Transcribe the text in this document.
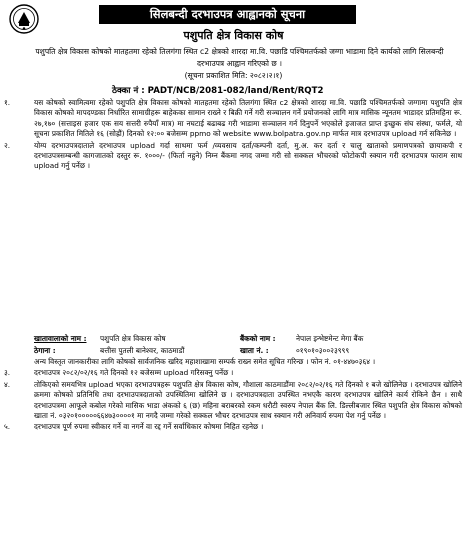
सिलबन्दी दरभाउपत्र आह्वानको सूचना
पशुपति क्षेत्र विकास कोष
पशुपति क्षेत्र विकास कोषको मातहतमा रहेको तिलगंगा स्थित c2 क्षेत्रको शारदा मा.वि. पछाडि पश्चिमतर्फको जग्गा भाडामा दिने कार्यको लागि सिलबन्दी दरभाउपत्र आह्वान गरिएको छ ।
(सूचना प्रकाशित मिति: २०८२।२।१)
ठेक्का नं : PADT/NCB/2081-082/land/Rent/RQT2
१.	यस कोषको स्वामित्वमा रहेको पशुपति क्षेत्र विकास कोषको मातहतमा रहेको तिलगंगा स्थित c2 क्षेत्रको शारदा मा.वि. पछाडि पश्चिमतर्फको जग्गामा पशुपति क्षेत्र विकास कोषको मापदण्डका निर्धारित सामाग्रीहरू बाहेकका सामान राख्ने र बिक्री गर्ने गरी सञ्चालन गर्ने प्रयोजनको लागि मात्र मासिक न्यूनतम भाडादर प्रतिमहिना रू. २७,१७० (सत्ताइस हजार एक सय सत्तरी रुपैयाँ मात्र) मा नघटाई बढाबढ गरी भाडामा सञ्चालन गर्न दिनुपर्ने भएकोले इजाजत प्राप्त इच्छुक संघ संस्था, फर्मले, यो सूचना प्रकाशित मितिले १६ (सोह्रौं) दिनको १२:०० बजेसम्म ppmo को website www.bolpatra.gov.np मार्फत मात्र दरभाउपत्र upload गर्न सकिनेछ ।
२.	योग्य दरभाउपत्रदाताले दरभाउपत्र upload गर्दा साथमा फर्म /व्यवसाय दर्ता/कम्पनी दर्ता, मु.अ. कर दर्ता र चालु खाताको प्रमाणपत्रको छायाकपी र दरभाउपत्रसम्बन्धी कागजातको दस्तुर रू. १०००/- (फिर्ता नहुने) निम्न बैंकमा नगद जम्मा गरी सो सक्कल भौचरको फोटोकपी स्क्यान गरी दरभाउपत्र फाराम साथ upload गर्नु पर्नेछ ।
खातावालाको नाम :	पशुपति क्षेत्र विकास कोष	बैंकको नाम :	नेपाल इन्भेष्टमेन्ट मेगा बैंक
ठेगाना :	बत्तीस पुतली बानेश्वर, काठमाडौं	खाता नं. :	०१९०१०३००२३९९९
अन्य विस्तृत जानकारीका लागि कोषको सार्वजनिक खरिद महाशाखामा सम्पर्क राख्न समेत सूचित गरिन्छ । फोन नं. ०१-४४७०३६४ ।
३.	दरभाउपत्र २०८२/०२/१६ गते दिनको १२ बजेसम्म upload गरिसक्नु पर्नेछ ।
४.	तोकिएको समयभित्र upload भएका दरभाउपत्रहरू पशुपति क्षेत्र विकास कोष, गौशाला काठमाडौंमा २०८२/०२/१६ गते दिनको १ बजे खोलिनेछ । दरभाउपत्र खोलिने क्रममा कोषको प्रतिनिधि तथा दरभाउपत्रदाताको उपस्थितिमा खोलिने छ । दरभाउपत्रदाता उपस्थित नभएकै कारण दरभाउपत्र खोलिने कार्य रोकिने छैन । साथै दरभाउपत्रमा आफूले कबोल गरेको मासिक भाडा अंकको ६ (छ) महिना बराबरको रकम धरौटी स्वरुप नेपाल बैंक लि. डिल्लीबजार स्थित पशुपति क्षेत्र विकास कोषको खाता नं. ०३२०१०००००६६४७३००००१ मा नगदै जम्मा गरेको सक्कल भौचर दरभाउपत्र साथ स्क्यान गरी अनिवार्य रुपमा पेश गर्नु पर्नेछ ।
५.	दरभाउपत्र पूर्ण रुपमा स्वीकार गर्ने वा नगर्ने वा रद्द गर्ने सर्वाधिकार कोषमा निहित रहनेछ ।
